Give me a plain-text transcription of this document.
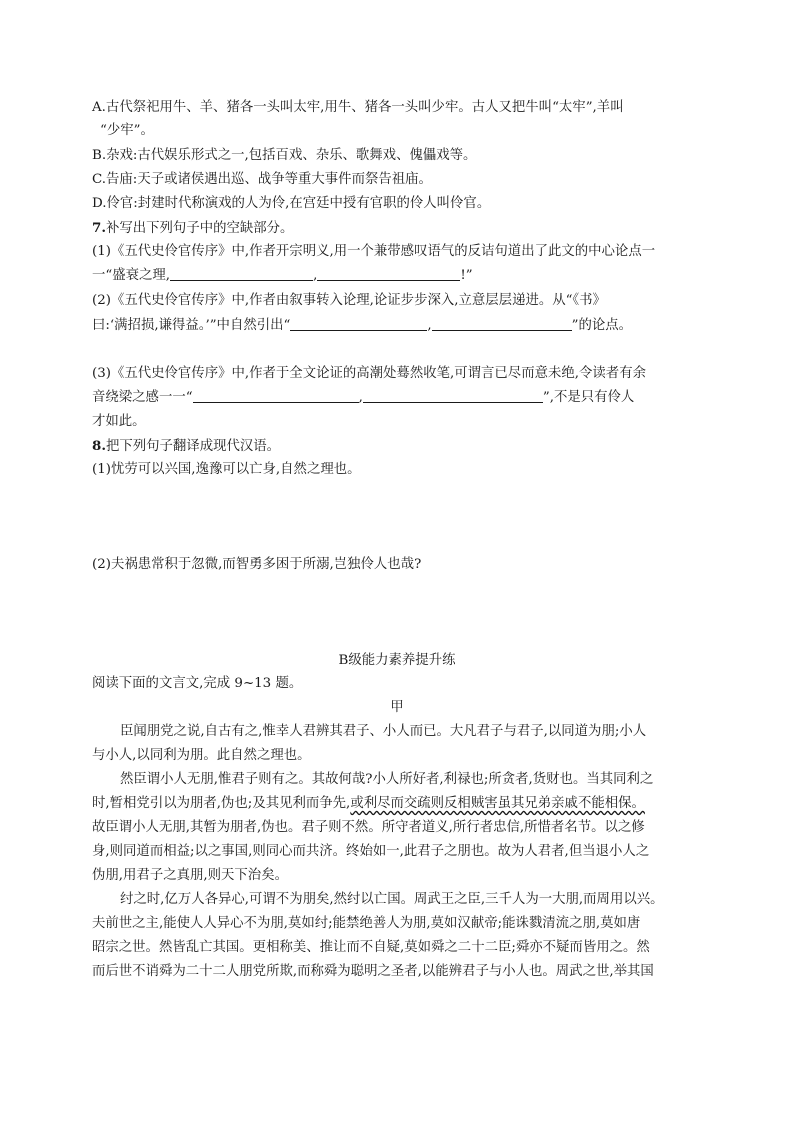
A.古代祭祀用牛、羊、猪各一头叫太牢,用牛、猪各一头叫少牢。古人又把牛叫“太牢”,羊叫
“少牢”。
B.杂戏:古代娱乐形式之一,包括百戏、杂乐、歌舞戏、傀儡戏等。
C.告庙:天子或诸侯遇出巡、战争等重大事件而祭告祖庙。
D.伶官:封建时代称演戏的人为伶,在宫廷中授有官职的伶人叫伶官。
7.补写出下列句子中的空缺部分。
(1)《五代史伶官传序》中,作者开宗明义,用一个兼带感叹语气的反诘句道出了此文的中心论点一
一“盛衰之理,	,	!”
(2)《五代史伶官传序》中,作者由叙事转入论理,论证步步深入,立意层层递进。从“《书》
曰:‘满招损,谦得益。’”中自然引出“	,	”的论点。
(3)《五代史伶官传序》中,作者于全文论证的高潮处蓦然收笔,可谓言已尽而意未绝,令读者有余
音绕梁之感一一“	,	”,不是只有伶人
才如此。
8.把下列句子翻译成现代汉语。
(1)忧劳可以兴国,逸豫可以亡身,自然之理也。
(2)夫祸患常积于忽微,而智勇多困于所溺,岂独伶人也哉?
B级能力素养提升练
阅读下面的文言文,完成 9~13 题。
甲
臣闻朋党之说,自古有之,惟幸人君辨其君子、小人而已。大凡君子与君子,以同道为朋;小人
与小人,以同利为朋。此自然之理也。
然臣谓小人无朋,惟君子则有之。其故何哉?小人所好者,利禄也;所贪者,货财也。当其同利之
时,暂相党引以为朋者,伪也;及其见利而争先,或利尽而交疏则反相贼害虽其兄弟亲戚不能相保。
故臣谓小人无朋,其暂为朋者,伪也。君子则不然。所守者道义,所行者忠信,所惜者名节。以之修
身,则同道而相益;以之事国,则同心而共济。终始如一,此君子之朋也。故为人君者,但当退小人之
伪朋,用君子之真朋,则天下治矣。
纣之时,亿万人各异心,可谓不为朋矣,然纣以亡国。周武王之臣,三千人为一大朋,而周用以兴。
夫前世之主,能使人人异心不为朋,莫如纣;能禁绝善人为朋,莫如汉献帝;能诛戮清流之朋,莫如唐
昭宗之世。然皆乱亡其国。更相称美、推让而不自疑,莫如舜之二十二臣;舜亦不疑而皆用之。然
而后世不诮舜为二十二人朋党所欺,而称舜为聪明之圣者,以能辨君子与小人也。周武之世,举其国
